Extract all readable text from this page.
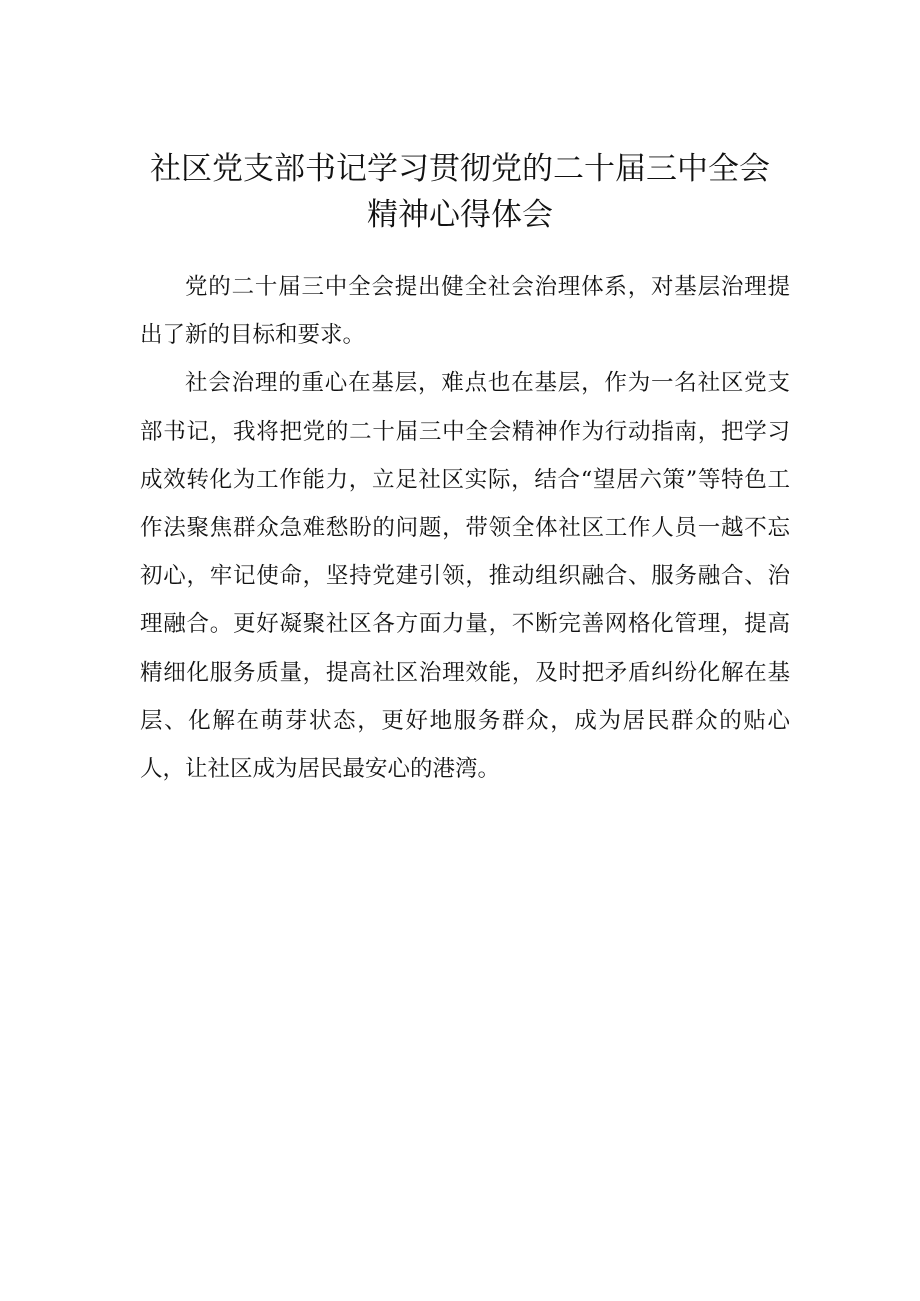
社区党支部书记学习贯彻党的二十届三中全会
精神心得体会

党的二十届三中全会提出健全社会治理体系，对基层治理提出了新的目标和要求。

社会治理的重心在基层，难点也在基层，作为一名社区党支部书记，我将把党的二十届三中全会精神作为行动指南，把学习成效转化为工作能力，立足社区实际，结合“望居六策”等特色工作法聚焦群众急难愁盼的问题，带领全体社区工作人员一越不忘初心，牢记使命，坚持党建引领，推动组织融合、服务融合、治理融合。更好凝聚社区各方面力量，不断完善网格化管理，提高精细化服务质量，提高社区治理效能，及时把矛盾纠纷化解在基层、化解在萌芽状态，更好地服务群众，成为居民群众的贴心人，让社区成为居民最安心的港湾。
